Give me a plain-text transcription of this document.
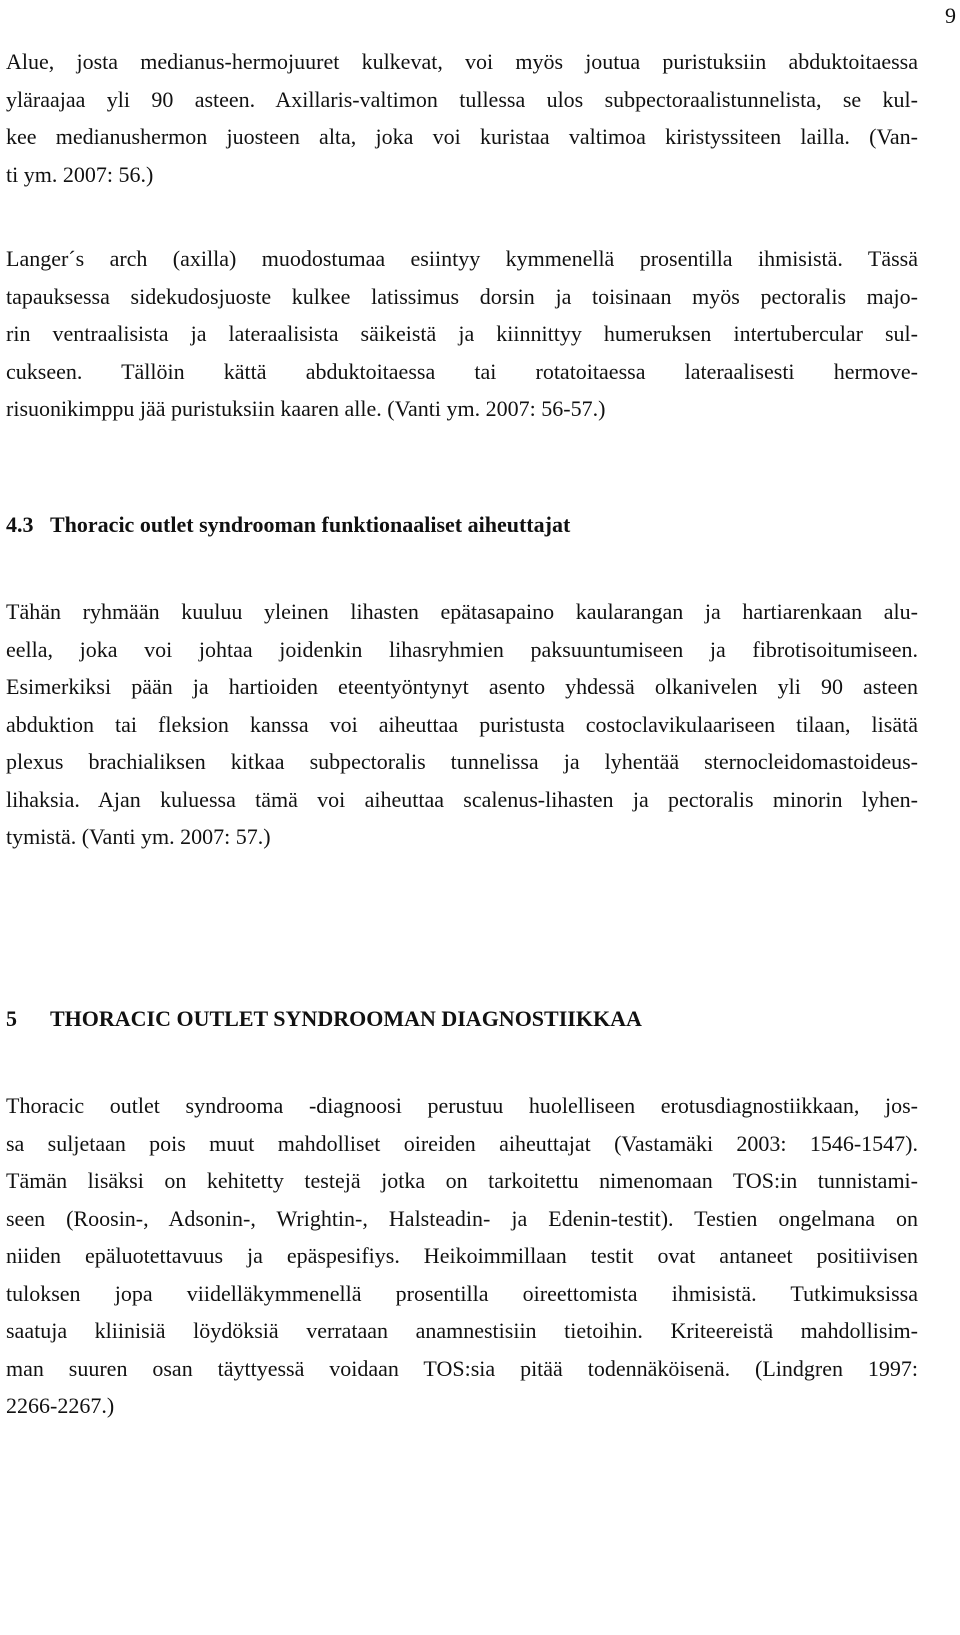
9

Alue, josta medianus-hermojuuret kulkevat, voi myös joutua puristuksiin abduktoitaessa
yläraajaa yli 90 asteen. Axillaris-valtimon tullessa ulos subpectoraalistunnelista, se kul-
kee medianushermon juosteen alta, joka voi kuristaa valtimoa kiristyssiteen lailla. (Van-
ti ym. 2007: 56.)

Langer´s arch (axilla) muodostumaa esiintyy kymmenellä prosentilla ihmisistä. Tässä
tapauksessa sidekudosjuoste kulkee latissimus dorsin ja toisinaan myös pectoralis majo-
rin ventraalisista ja lateraalisista säikeistä ja kiinnittyy humeruksen intertubercular sul-
cukseen. Tällöin kättä abduktoitaessa tai rotatoitaessa lateraalisesti hermove-
risuonikimppu jää puristuksiin kaaren alle. (Vanti ym. 2007: 56-57.)

4.3 Thoracic outlet syndrooman funktionaaliset aiheuttajat

Tähän ryhmään kuuluu yleinen lihasten epätasapaino kaularangan ja hartiarenkaan alu-
eella, joka voi johtaa joidenkin lihasryhmien paksuuntumiseen ja fibrotisoitumiseen.
Esimerkiksi pään ja hartioiden eteentyöntynyt asento yhdessä olkanivelen yli 90 asteen
abduktion tai fleksion kanssa voi aiheuttaa puristusta costoclavikulaariseen tilaan, lisätä
plexus brachialiksen kitkaa subpectoralis tunnelissa ja lyhentää sternocleidomastoideus-
lihaksia. Ajan kuluessa tämä voi aiheuttaa scalenus-lihasten ja pectoralis minorin lyhen-
tymistä. (Vanti ym. 2007: 57.)

5 THORACIC OUTLET SYNDROOMAN DIAGNOSTIIKKAA

Thoracic outlet syndrooma -diagnoosi perustuu huolelliseen erotusdiagnostiikkaan, jos-
sa suljetaan pois muut mahdolliset oireiden aiheuttajat (Vastamäki 2003: 1546-1547).
Tämän lisäksi on kehitetty testejä jotka on tarkoitettu nimenomaan TOS:in tunnistami-
seen (Roosin-, Adsonin-, Wrightin-, Halsteadin- ja Edenin-testit). Testien ongelmana on
niiden epäluotettavuus ja epäspesifiys. Heikoimmillaan testit ovat antaneet positiivisen
tuloksen jopa viidelläkymmenellä prosentilla oireettomista ihmisistä. Tutkimuksissa
saatuja kliinisiä löydöksiä verrataan anamnestisiin tietoihin. Kriteereistä mahdollisim-
man suuren osan täyttyessä voidaan TOS:sia pitää todennäköisenä. (Lindgren 1997:
2266-2267.)
